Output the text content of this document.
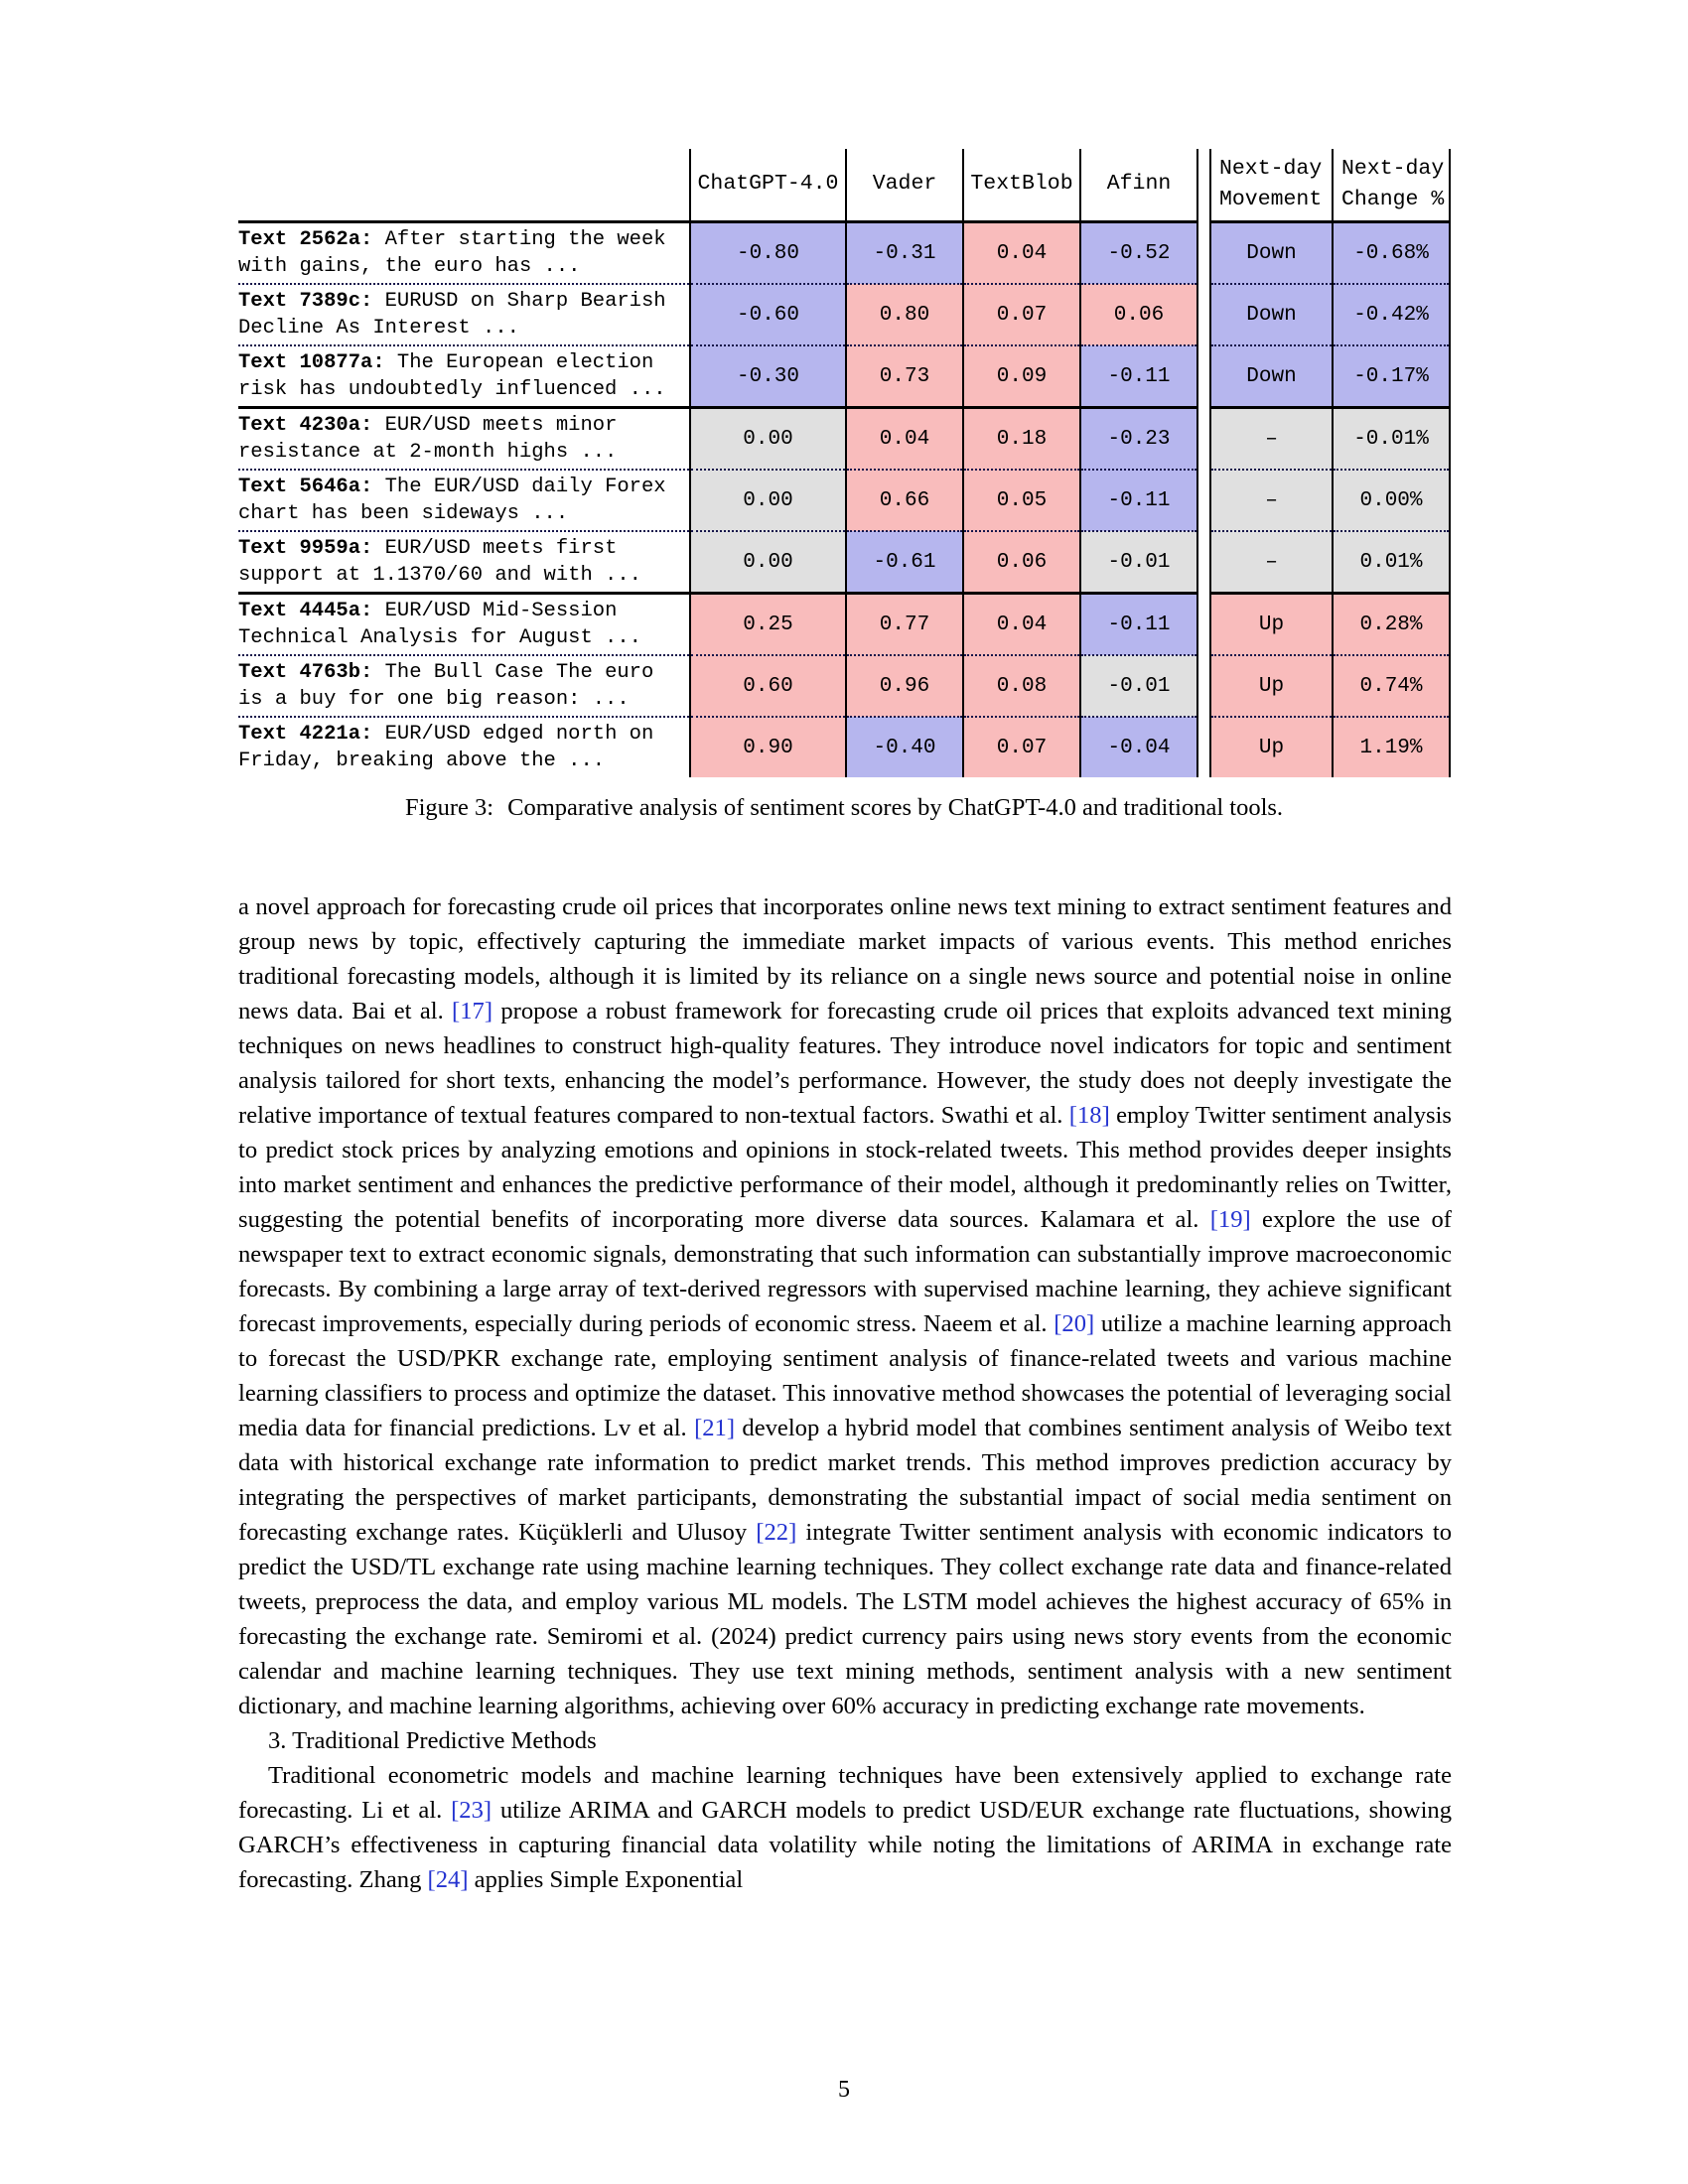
	ChatGPT-4.0	Vader	TextBlob	Afinn		Next-day Movement	Next-day Change %
Text 2562a: After starting the week with gains, the euro has ...	-0.80	-0.31	0.04	-0.52		Down	-0.68%
Text 7389c: EURUSD on Sharp Bearish Decline As Interest ...	-0.60	0.80	0.07	0.06		Down	-0.42%
Text 10877a: The European election risk has undoubtedly influenced ...	-0.30	0.73	0.09	-0.11		Down	-0.17%
Text 4230a: EUR/USD meets minor resistance at 2-month highs ...	0.00	0.04	0.18	-0.23		–	-0.01%
Text 5646a: The EUR/USD daily Forex chart has been sideways ...	0.00	0.66	0.05	-0.11		–	0.00%
Text 9959a: EUR/USD meets first support at 1.1370/60 and with ...	0.00	-0.61	0.06	-0.01		–	0.01%
Text 4445a: EUR/USD Mid-Session Technical Analysis for August ...	0.25	0.77	0.04	-0.11		Up	0.28%
Text 4763b: The Bull Case The euro is a buy for one big reason: ...	0.60	0.96	0.08	-0.01		Up	0.74%
Text 4221a: EUR/USD edged north on Friday, breaking above the ...	0.90	-0.40	0.07	-0.04		Up	1.19%
Figure 3: Comparative analysis of sentiment scores by ChatGPT-4.0 and traditional tools.

a novel approach for forecasting crude oil prices that incorporates online news text mining to extract sentiment features and group news by topic, effectively capturing the immediate market impacts of various events. This method enriches traditional forecasting models, although it is limited by its reliance on a single news source and potential noise in online news data. Bai et al. [17] propose a robust framework for forecasting crude oil prices that exploits advanced text mining techniques on news headlines to construct high-quality features. They introduce novel indicators for topic and sentiment analysis tailored for short texts, enhancing the model’s performance. However, the study does not deeply investigate the relative importance of textual features compared to non-textual factors. Swathi et al. [18] employ Twitter sentiment analysis to predict stock prices by analyzing emotions and opinions in stock-related tweets. This method provides deeper insights into market sentiment and enhances the predictive performance of their model, although it predominantly relies on Twitter, suggesting the potential benefits of incorporating more diverse data sources. Kalamara et al. [19] explore the use of newspaper text to extract economic signals, demonstrating that such information can substantially improve macroeconomic forecasts. By combining a large array of text-derived regressors with supervised machine learning, they achieve significant forecast improvements, especially during periods of economic stress. Naeem et al. [20] utilize a machine learning approach to forecast the USD/PKR exchange rate, employing sentiment analysis of finance-related tweets and various machine learning classifiers to process and optimize the dataset. This innovative method showcases the potential of leveraging social media data for financial predictions. Lv et al. [21] develop a hybrid model that combines sentiment analysis of Weibo text data with historical exchange rate information to predict market trends. This method improves prediction accuracy by integrating the perspectives of market participants, demonstrating the substantial impact of social media sentiment on forecasting exchange rates. Küçüklerli and Ulusoy [22] integrate Twitter sentiment analysis with economic indicators to predict the USD/TL exchange rate using machine learning techniques. They collect exchange rate data and finance-related tweets, preprocess the data, and employ various ML models. The LSTM model achieves the highest accuracy of 65% in forecasting the exchange rate. Semiromi et al. (2024) predict currency pairs using news story events from the economic calendar and machine learning techniques. They use text mining methods, sentiment analysis with a new sentiment dictionary, and machine learning algorithms, achieving over 60% accuracy in predicting exchange rate movements.

3. Traditional Predictive Methods

Traditional econometric models and machine learning techniques have been extensively applied to exchange rate forecasting. Li et al. [23] utilize ARIMA and GARCH models to predict USD/EUR exchange rate fluctuations, showing GARCH’s effectiveness in capturing financial data volatility while noting the limitations of ARIMA in exchange rate forecasting. Zhang [24] applies Simple Exponential

5
